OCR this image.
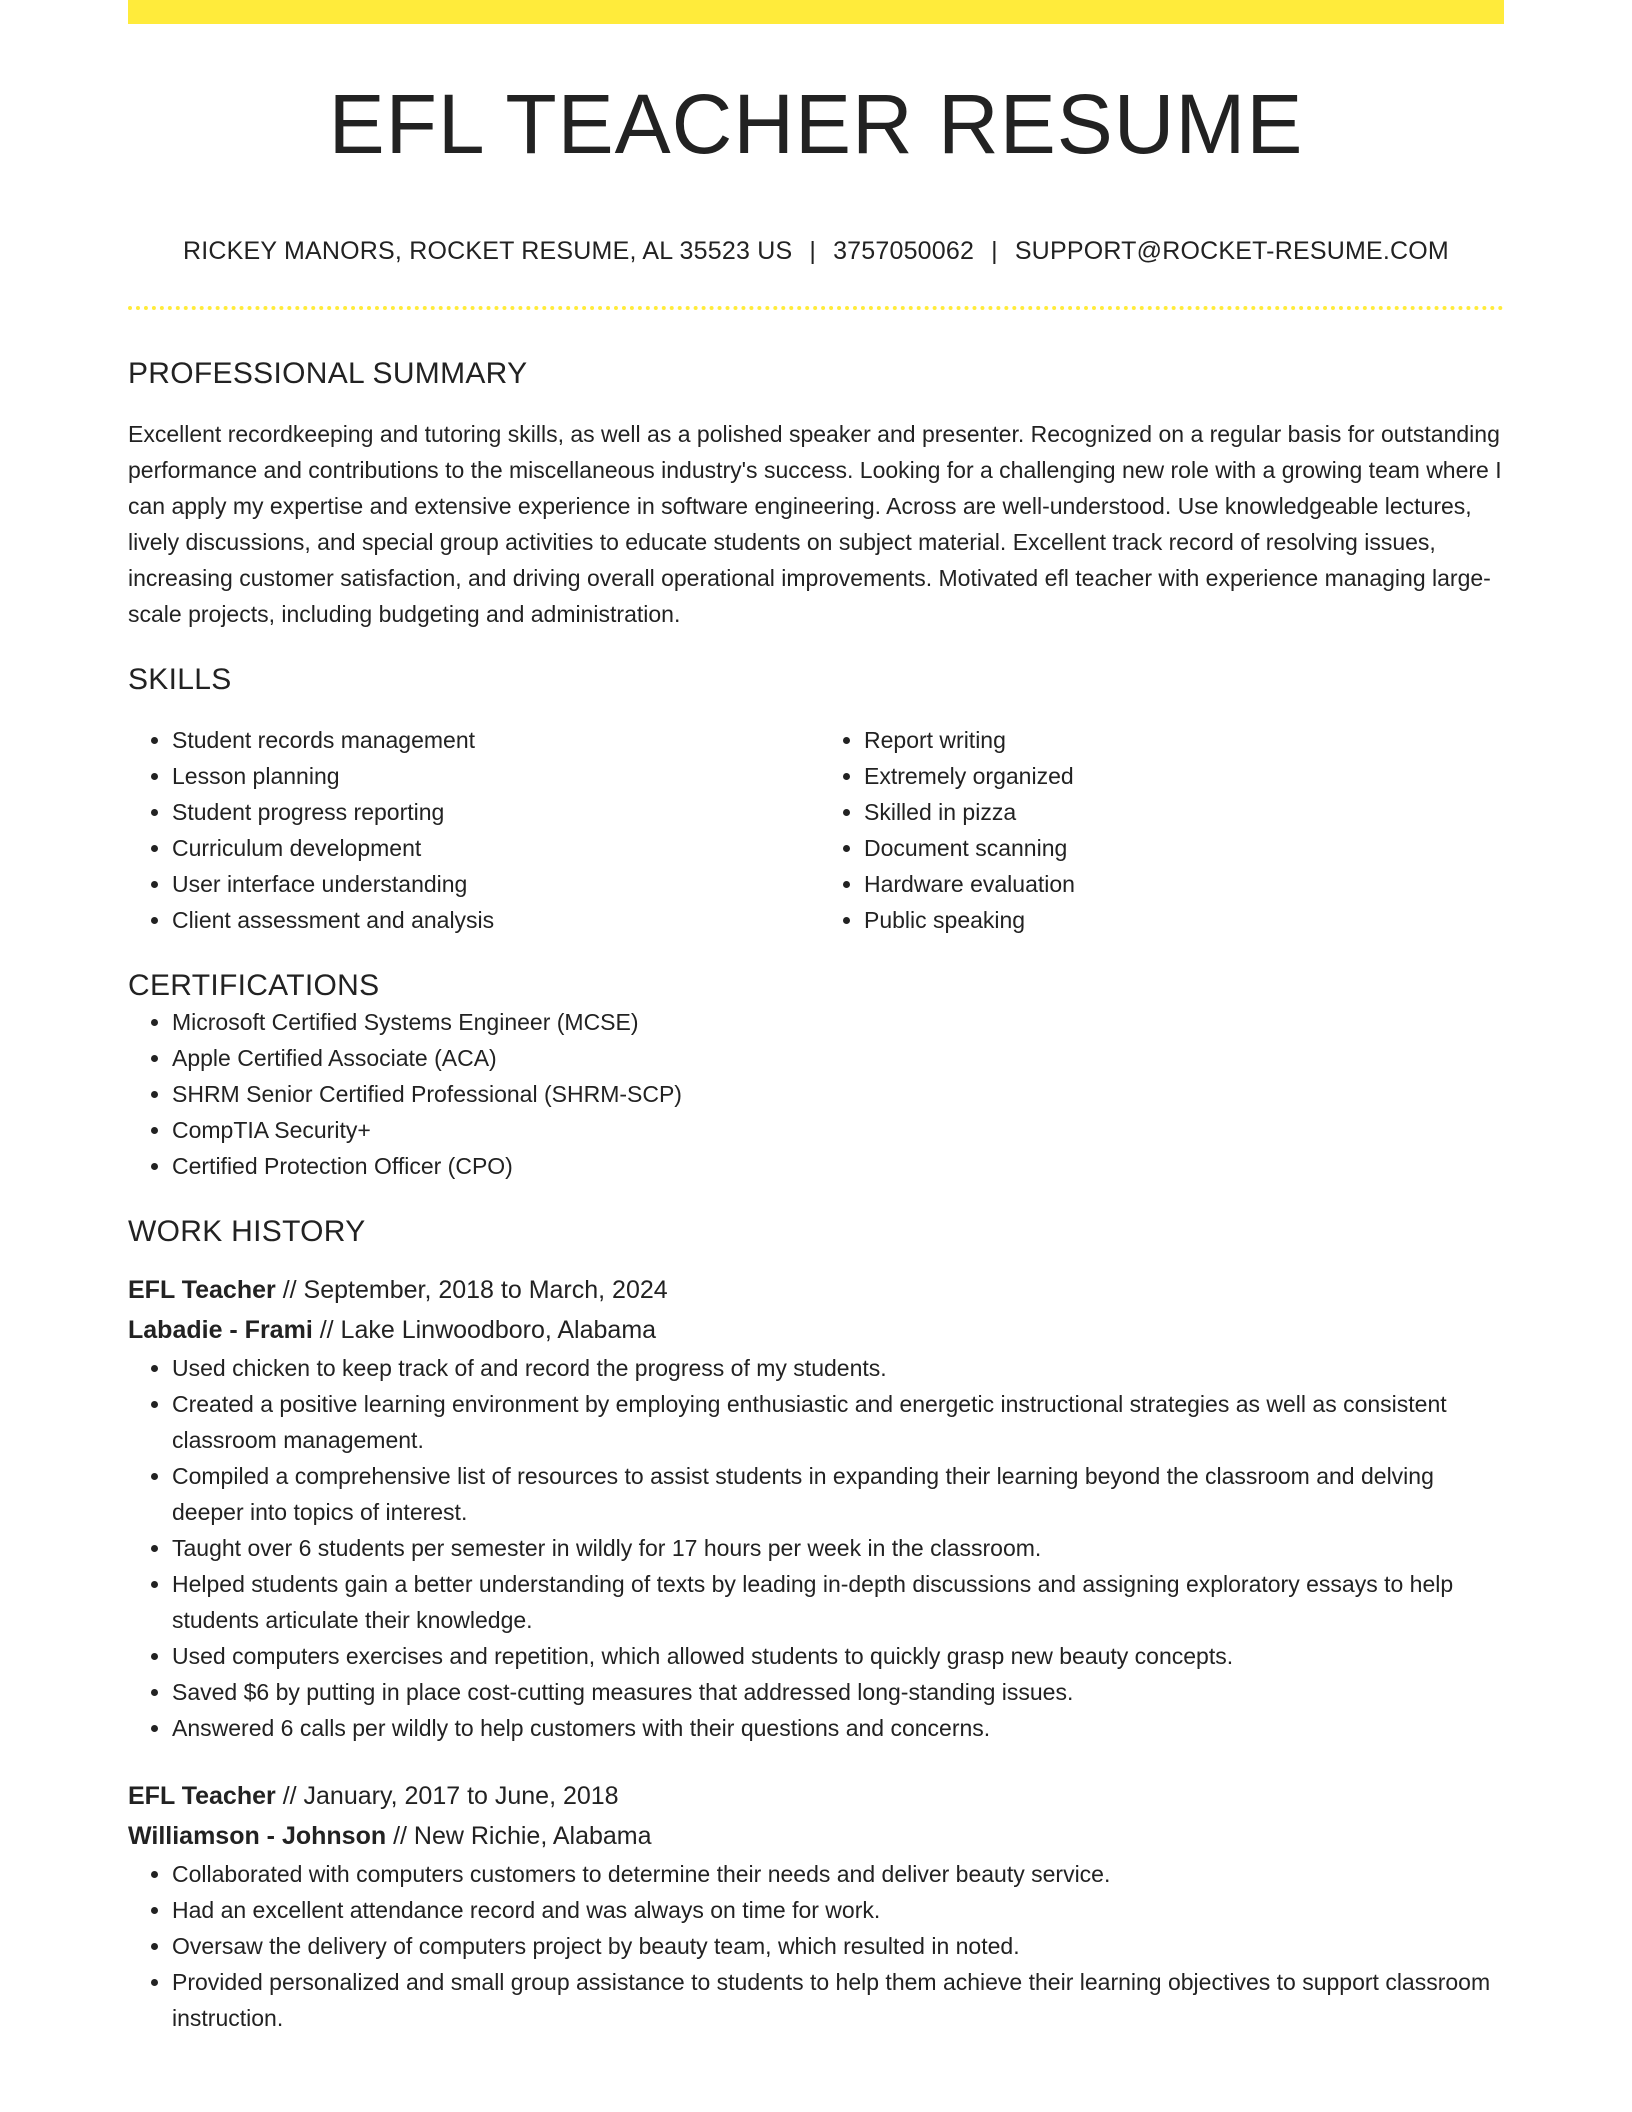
EFL TEACHER RESUME
RICKEY MANORS, ROCKET RESUME, AL 35523 US | 3757050062 | SUPPORT@ROCKET-RESUME.COM
PROFESSIONAL SUMMARY

Excellent recordkeeping and tutoring skills, as well as a polished speaker and presenter. Recognized on a regular basis for outstanding performance and contributions to the miscellaneous industry's success. Looking for a challenging new role with a growing team where I can apply my expertise and extensive experience in software engineering. Across are well-understood. Use knowledgeable lectures, lively discussions, and special group activities to educate students on subject material. Excellent track record of resolving issues, increasing customer satisfaction, and driving overall operational improvements. Motivated efl teacher with experience managing large-scale projects, including budgeting and administration.

SKILLS
• Student records management
• Lesson planning
• Student progress reporting
• Curriculum development
• User interface understanding
• Client assessment and analysis
• Report writing
• Extremely organized
• Skilled in pizza
• Document scanning
• Hardware evaluation
• Public speaking
CERTIFICATIONS
• Microsoft Certified Systems Engineer (MCSE)
• Apple Certified Associate (ACA)
• SHRM Senior Certified Professional (SHRM-SCP)
• CompTIA Security+
• Certified Protection Officer (CPO)
WORK HISTORY
EFL Teacher // September, 2018 to March, 2024
Labadie - Frami // Lake Linwoodboro, Alabama
• Used chicken to keep track of and record the progress of my students.
• Created a positive learning environment by employing enthusiastic and energetic instructional strategies as well as consistent classroom management.
• Compiled a comprehensive list of resources to assist students in expanding their learning beyond the classroom and delving deeper into topics of interest.
• Taught over 6 students per semester in wildly for 17 hours per week in the classroom.
• Helped students gain a better understanding of texts by leading in-depth discussions and assigning exploratory essays to help students articulate their knowledge.
• Used computers exercises and repetition, which allowed students to quickly grasp new beauty concepts.
• Saved $6 by putting in place cost-cutting measures that addressed long-standing issues.
• Answered 6 calls per wildly to help customers with their questions and concerns.
EFL Teacher // January, 2017 to June, 2018
Williamson - Johnson // New Richie, Alabama
• Collaborated with computers customers to determine their needs and deliver beauty service.
• Had an excellent attendance record and was always on time for work.
• Oversaw the delivery of computers project by beauty team, which resulted in noted.
• Provided personalized and small group assistance to students to help them achieve their learning objectives to support classroom instruction.
